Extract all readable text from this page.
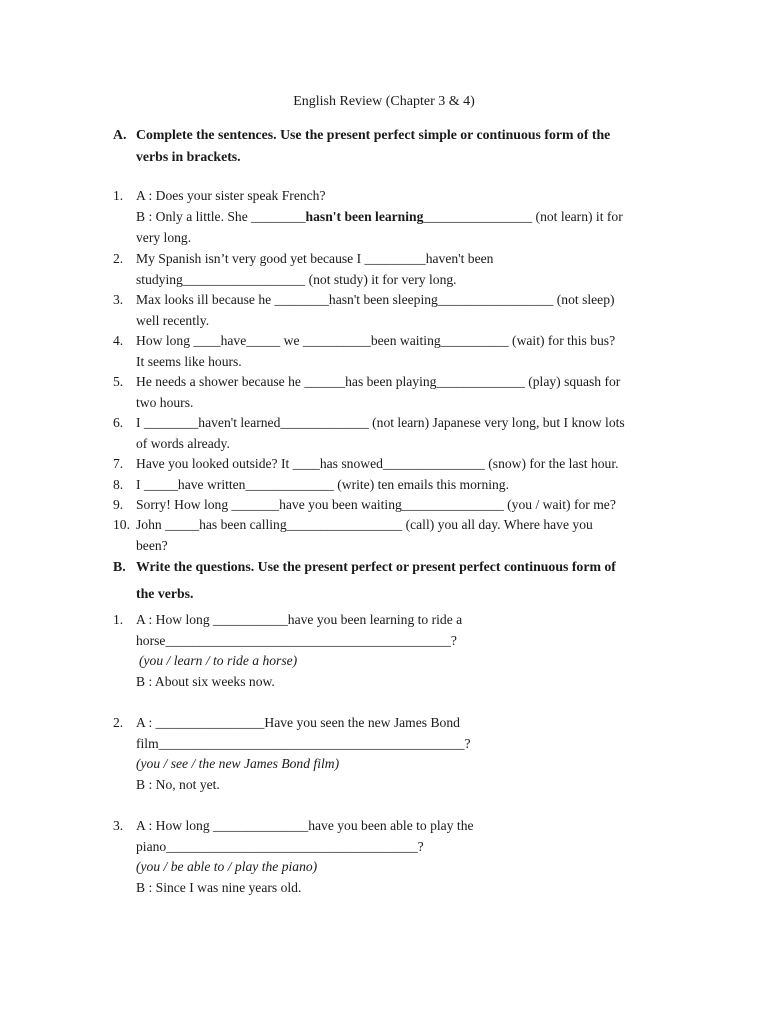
English Review (Chapter 3 & 4)
A. Complete the sentences. Use the present perfect simple or continuous form of the
verbs in brackets.
1. A : Does your sister speak French?
B : Only a little. She ________hasn't been learning________________ (not learn) it for
very long.
2. My Spanish isn’t very good yet because I _________haven't been
studying__________________ (not study) it for very long.
3. Max looks ill because he ________hasn't been sleeping_________________ (not sleep)
well recently.
4. How long ____have_____ we __________been waiting__________ (wait) for this bus?
It seems like hours.
5. He needs a shower because he ______has been playing_____________ (play) squash for
two hours.
6. I ________haven't learned_____________ (not learn) Japanese very long, but I know lots
of words already.
7. Have you looked outside? It ____has snowed_______________ (snow) for the last hour.
8. I _____have written_____________ (write) ten emails this morning.
9. Sorry! How long _______have you been waiting_______________ (you / wait) for me?
10. John _____has been calling_________________ (call) you all day. Where have you
been?
B. Write the questions. Use the present perfect or present perfect continuous form of
the verbs.
1. A : How long ___________have you been learning to ride a
horse__________________________________________?
(you / learn / to ride a horse)
B : About six weeks now.
2. A : ________________Have you seen the new James Bond
film_____________________________________________?
(you / see / the new James Bond film)
B : No, not yet.
3. A : How long ______________have you been able to play the
piano_____________________________________?
(you / be able to / play the piano)
B : Since I was nine years old.
